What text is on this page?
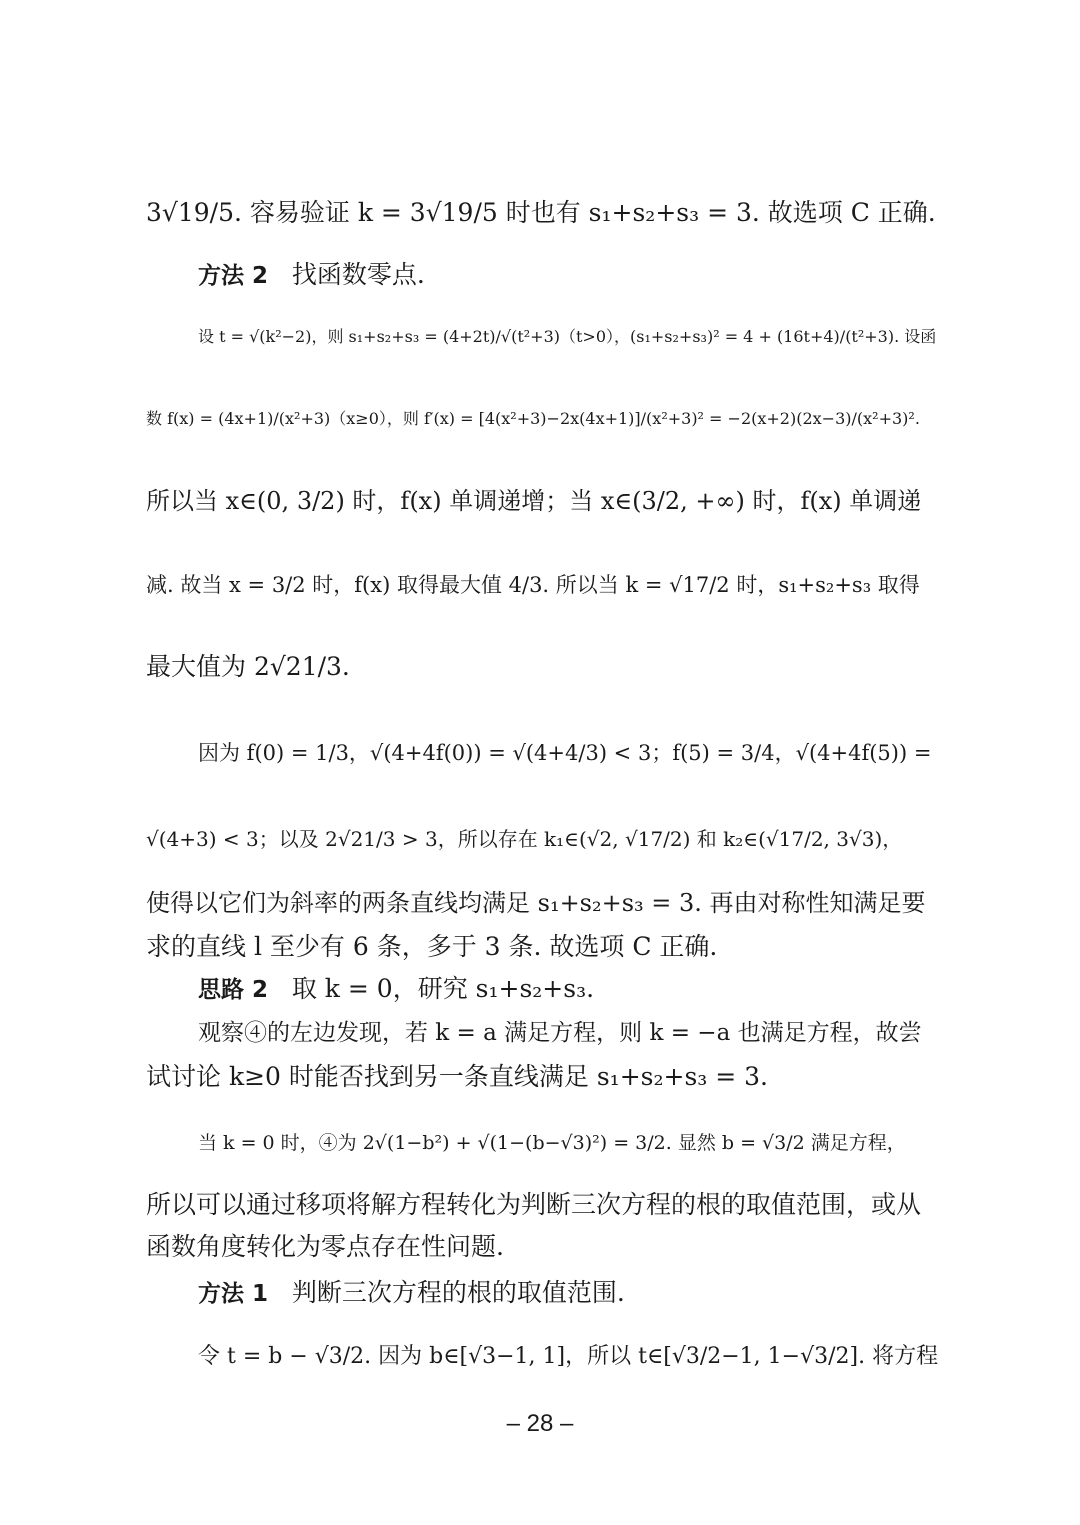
3√19/5. 容易验证 k = 3√19/5 时也有 s₁+s₂+s₃ = 3. 故选项 C 正确.
方法 2 找函数零点.
设 t = √(k²−2)，则 s₁+s₂+s₃ = (4+2t)/√(t²+3)（t>0），(s₁+s₂+s₃)² = 4 + (16t+4)/(t²+3). 设函
数 f(x) = (4x+1)/(x²+3)（x≥0），则 f′(x) = [4(x²+3)−2x(4x+1)]/(x²+3)² = −2(x+2)(2x−3)/(x²+3)².
所以当 x∈(0, 3/2) 时，f(x) 单调递增；当 x∈(3/2, +∞) 时，f(x) 单调递
减. 故当 x = 3/2 时，f(x) 取得最大值 4/3. 所以当 k = √17/2 时，s₁+s₂+s₃ 取得
最大值为 2√21/3.
因为 f(0) = 1/3，√(4+4f(0)) = √(4+4/3) < 3；f(5) = 3/4，√(4+4f(5)) =
√(4+3) < 3；以及 2√21/3 > 3，所以存在 k₁∈(√2, √17/2) 和 k₂∈(√17/2, 3√3)，
使得以它们为斜率的两条直线均满足 s₁+s₂+s₃ = 3. 再由对称性知满足要
求的直线 l 至少有 6 条，多于 3 条. 故选项 C 正确.
思路 2 取 k = 0，研究 s₁+s₂+s₃.
观察④的左边发现，若 k = a 满足方程，则 k = −a 也满足方程，故尝
试讨论 k≥0 时能否找到另一条直线满足 s₁+s₂+s₃ = 3.
当 k = 0 时，④为 2√(1−b²) + √(1−(b−√3)²) = 3/2. 显然 b = √3/2 满足方程，
所以可以通过移项将解方程转化为判断三次方程的根的取值范围，或从
函数角度转化为零点存在性问题.
方法 1 判断三次方程的根的取值范围.
令 t = b − √3/2. 因为 b∈[√3−1, 1]，所以 t∈[√3/2−1, 1−√3/2]. 将方程
– 28 –
